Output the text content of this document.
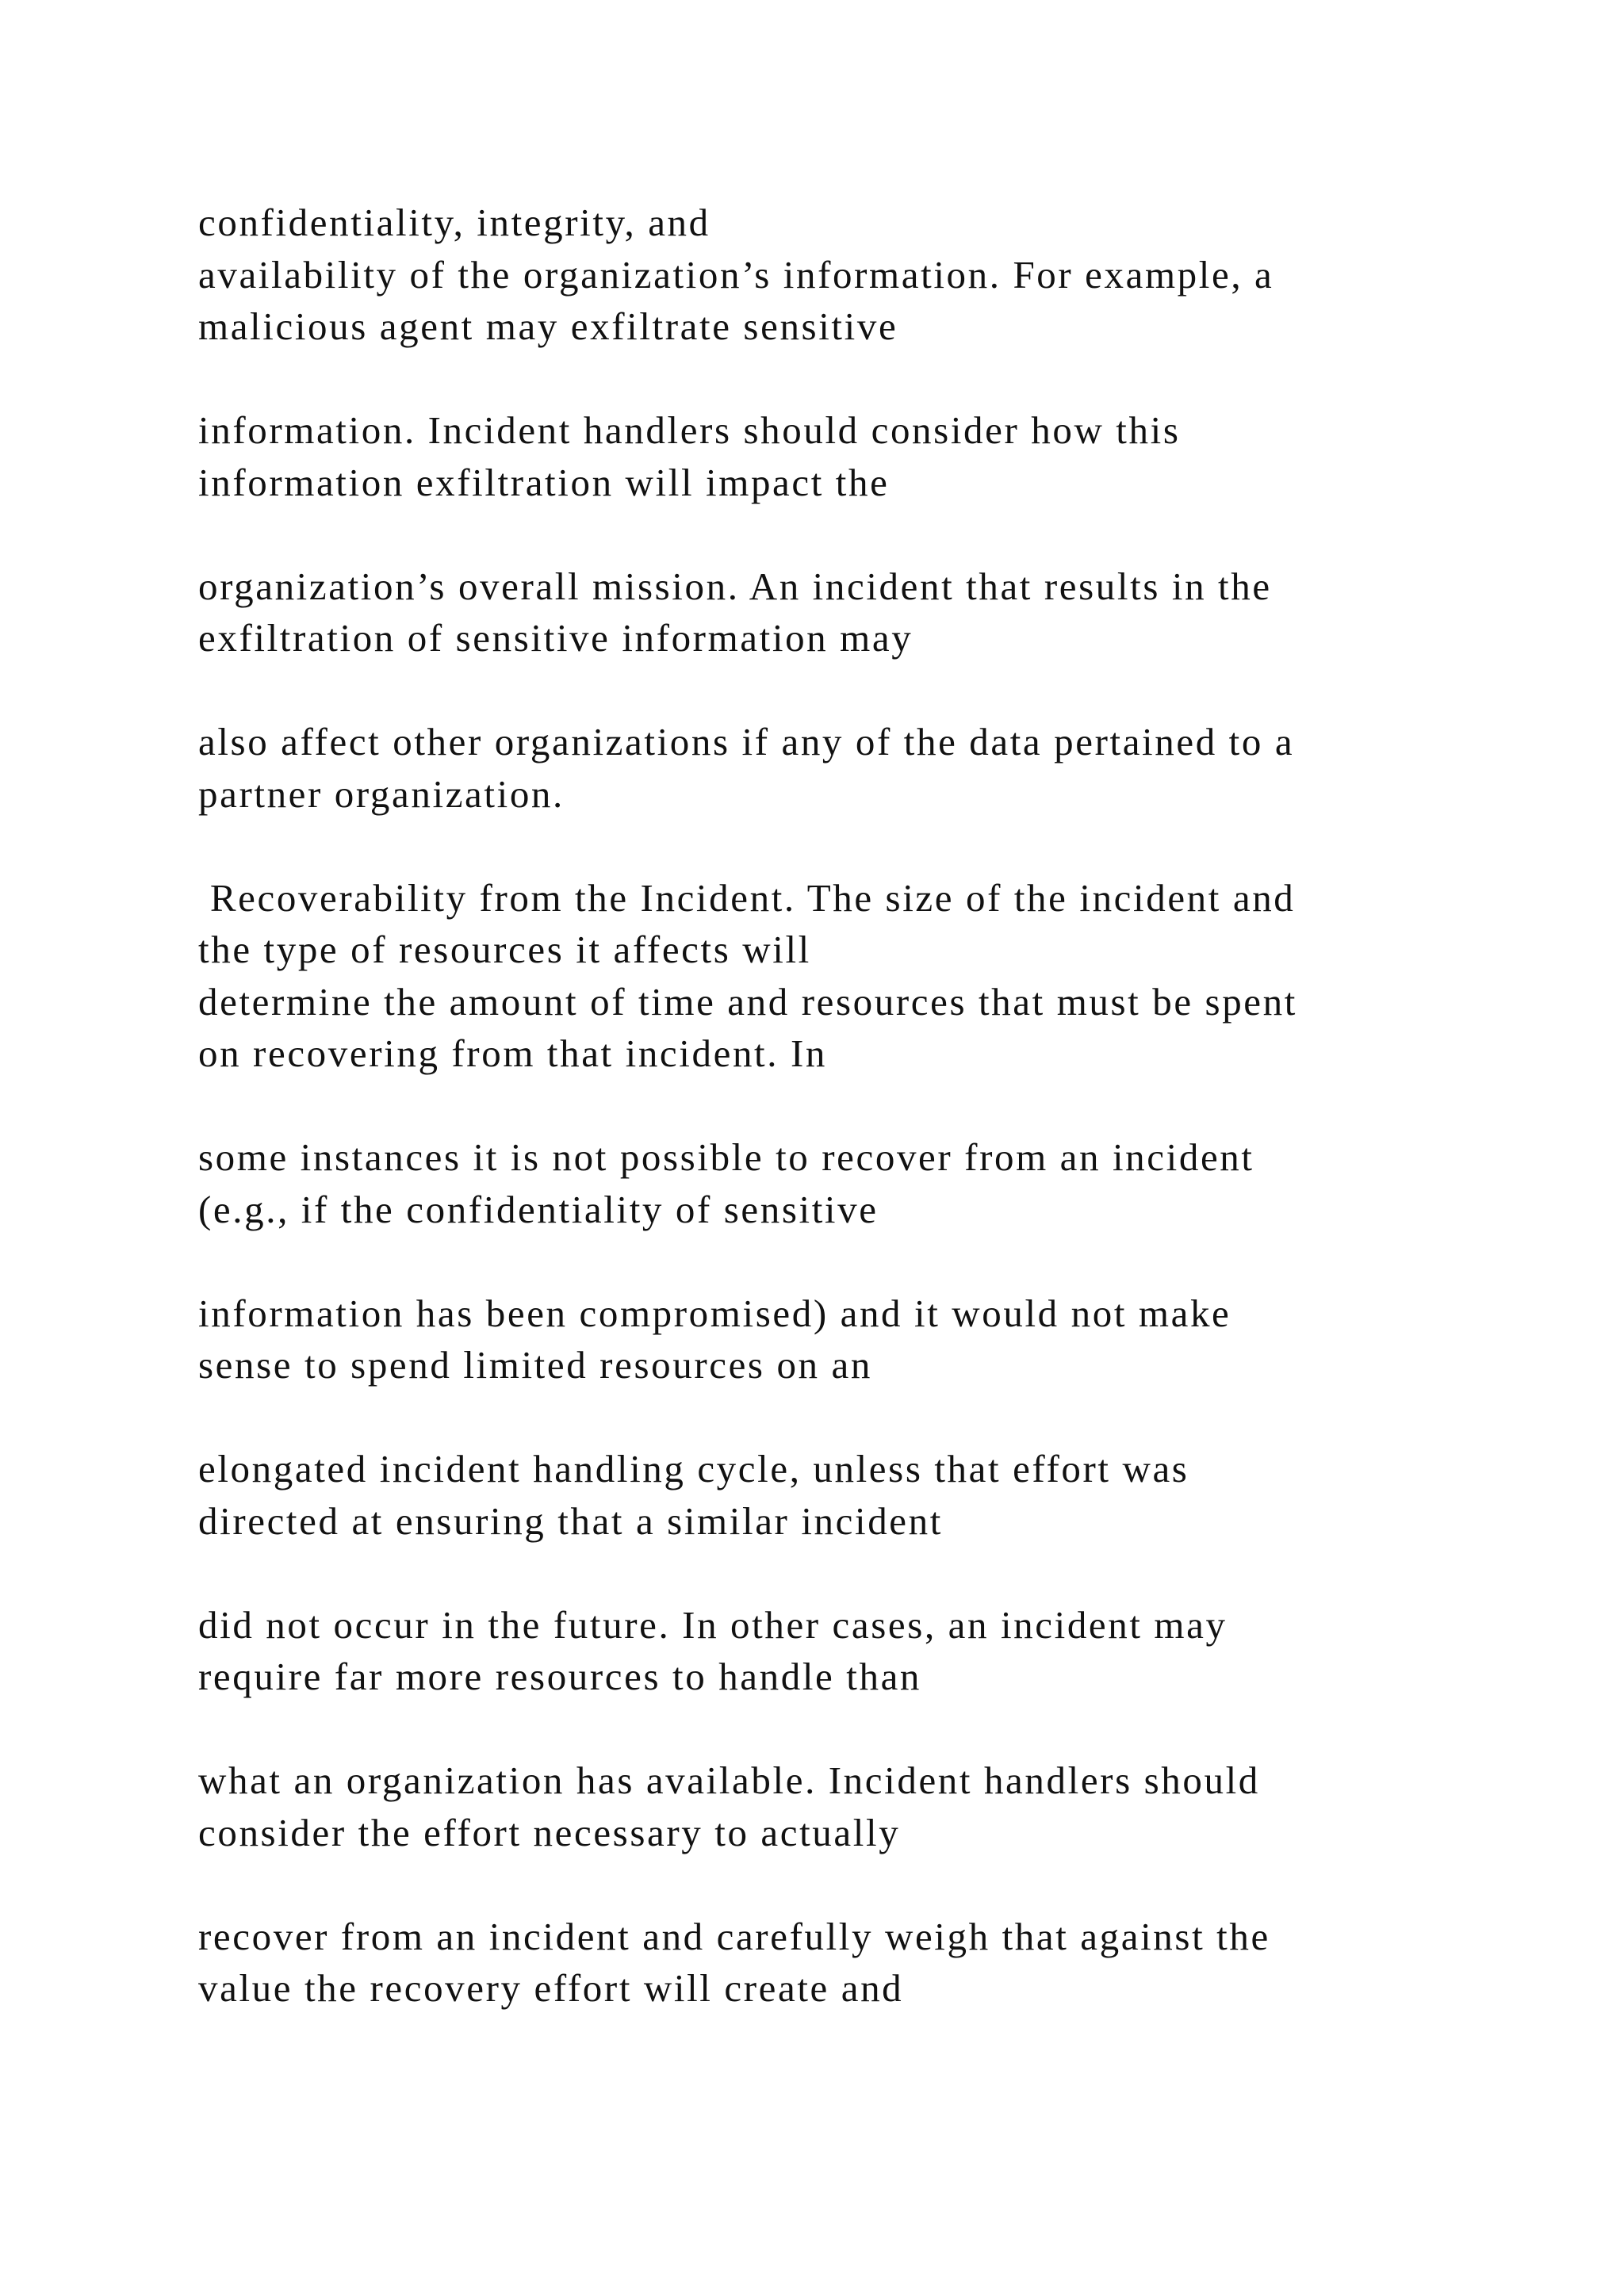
confidentiality, integrity, and
availability of the organization’s information. For example, a
malicious agent may exfiltrate sensitive
information. Incident handlers should consider how this
information exfiltration will impact the
organization’s overall mission. An incident that results in the
exfiltration of sensitive information may
also affect other organizations if any of the data pertained to a
partner organization.
Recoverability from the Incident. The size of the incident and
the type of resources it affects will
determine the amount of time and resources that must be spent
on recovering from that incident. In
some instances it is not possible to recover from an incident
(e.g., if the confidentiality of sensitive
information has been compromised) and it would not make
sense to spend limited resources on an
elongated incident handling cycle, unless that effort was
directed at ensuring that a similar incident
did not occur in the future. In other cases, an incident may
require far more resources to handle than
what an organization has available. Incident handlers should
consider the effort necessary to actually
recover from an incident and carefully weigh that against the
value the recovery effort will create and
